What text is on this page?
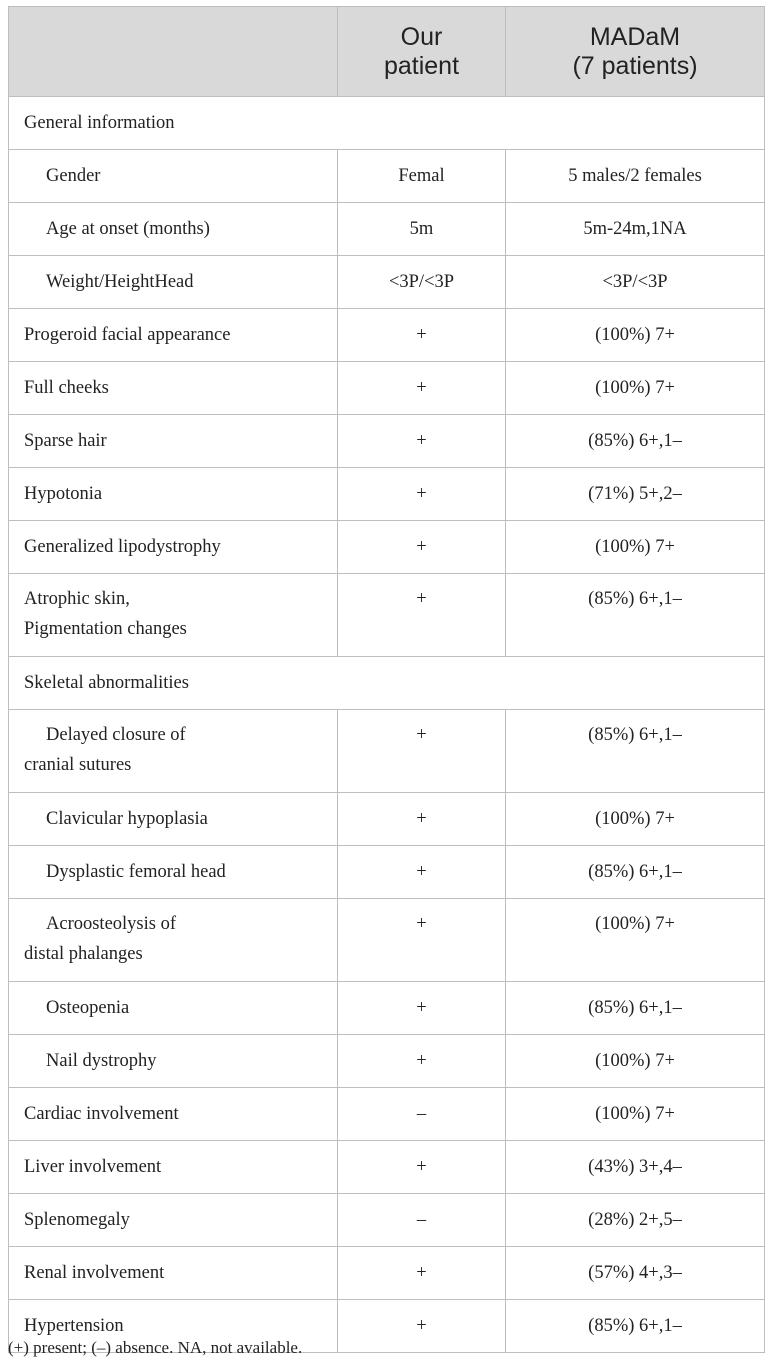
	Our
patient	MADaM
(7 patients)

General information		

Gender	Femal	5 males/2 females

Age at onset (months)	5m	5m-24m,1NA

Weight/HeightHead	<3P/<3P	<3P/<3P

Progeroid facial appearance	+	(100%) 7+

Full cheeks	+	(100%) 7+

Sparse hair	+	(85%) 6+,1–

Hypotonia	+	(71%) 5+,2–

Generalized lipodystrophy	+	(100%) 7+

Atrophic skin,
Pigmentation changes	+	(85%) 6+,1–

Skeletal abnormalities		

Delayed closure of
cranial sutures	+	(85%) 6+,1–

Clavicular hypoplasia	+	(100%) 7+

Dysplastic femoral head	+	(85%) 6+,1–

Acroosteolysis of
distal phalanges	+	(100%) 7+

Osteopenia	+	(85%) 6+,1–

Nail dystrophy	+	(100%) 7+

Cardiac involvement	–	(100%) 7+

Liver involvement	+	(43%) 3+,4–

Splenomegaly	–	(28%) 2+,5–

Renal involvement	+	(57%) 4+,3–

Hypertension	+	(85%) 6+,1–
(+) present; (–) absence. NA, not available.
